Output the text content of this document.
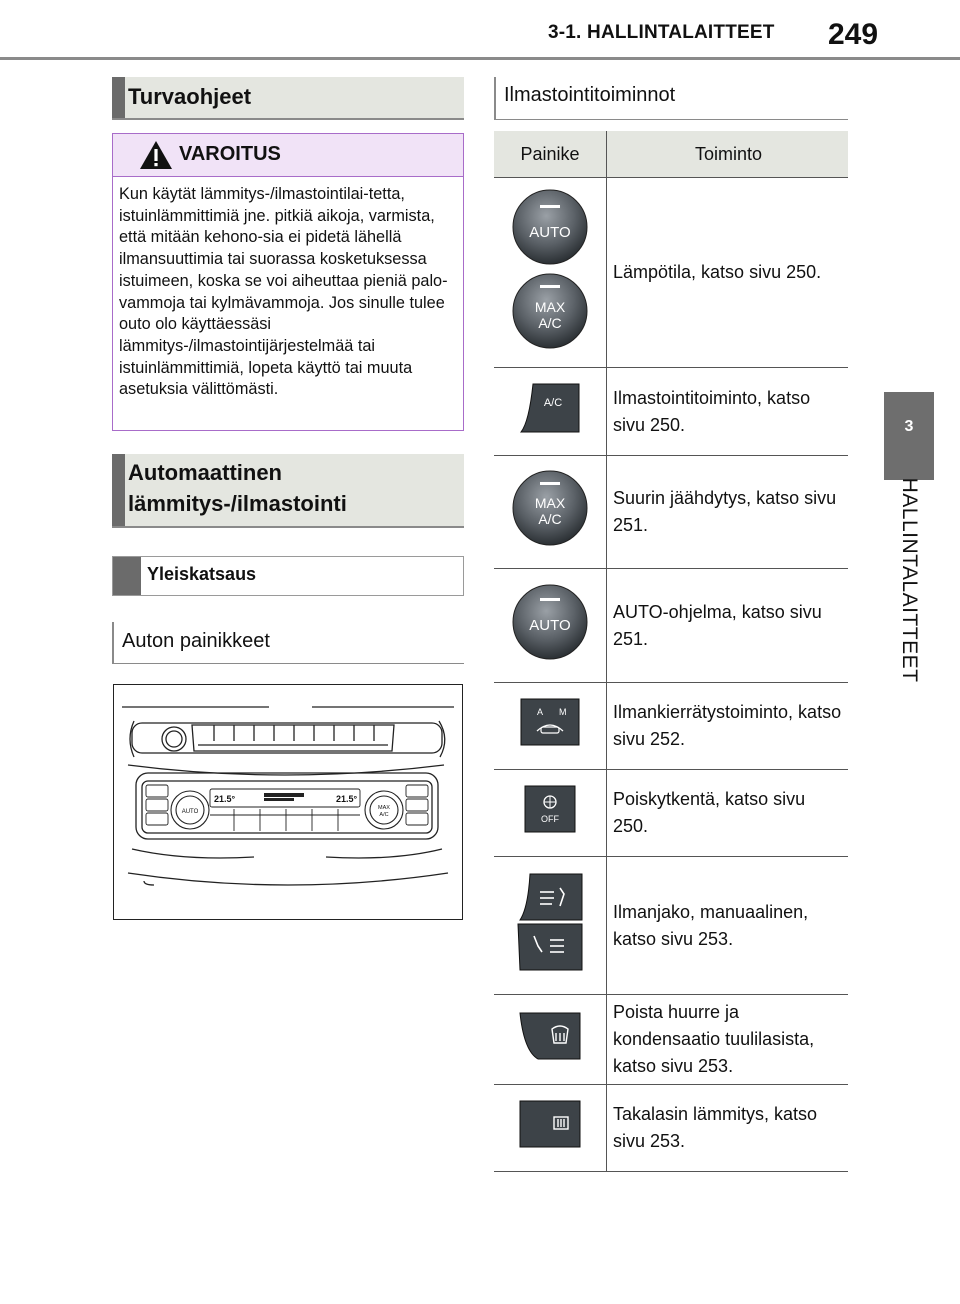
3-1. HALLINTALAITTEET 249
3
HALLINTALAITTEET
Turvaohjeet
VAROITUS
Kun käytät lämmitys-/ilmastointilai-tetta, istuinlämmittimiä jne. pitkiä aikoja, varmista, että mitään kehono-sia ei pidetä lähellä ilmansuuttimia tai suorassa kosketuksessa istuimeen, koska se voi aiheuttaa pieniä palo-vammoja tai kylmävammoja. Jos sinulle tulee outo olo käyttäessäsi lämmitys-/ilmastointijärjestelmää tai istuinlämmittimiä, lopeta käyttö tai muuta asetuksia välittömästi.
Automaattinen
lämmitys-/ilmastointi
Yleiskatsaus
Auton painikkeet
AUTO
MAX
A/C
21.5°	21.5°
Ilmastointitoiminnot
Painike	Toiminto

AUTO
MAX
A/C	Lämpötila, katso sivu 250.

A/C	Ilmastointitoiminto, katso sivu 250.

MAX
A/C	Suurin jäähdytys, katso sivu 251.

AUTO	AUTO-ohjelma, katso sivu 251.

A M	Ilmankierrätystoiminto, katso sivu 252.

OFF	Poiskytkentä, katso sivu 250.
	Ilmanjako, manuaalinen, katso sivu 253.
	Poista huurre ja kondensaatio tuulilasista, katso sivu 253.
	Takalasin lämmitys, katso sivu 253.
